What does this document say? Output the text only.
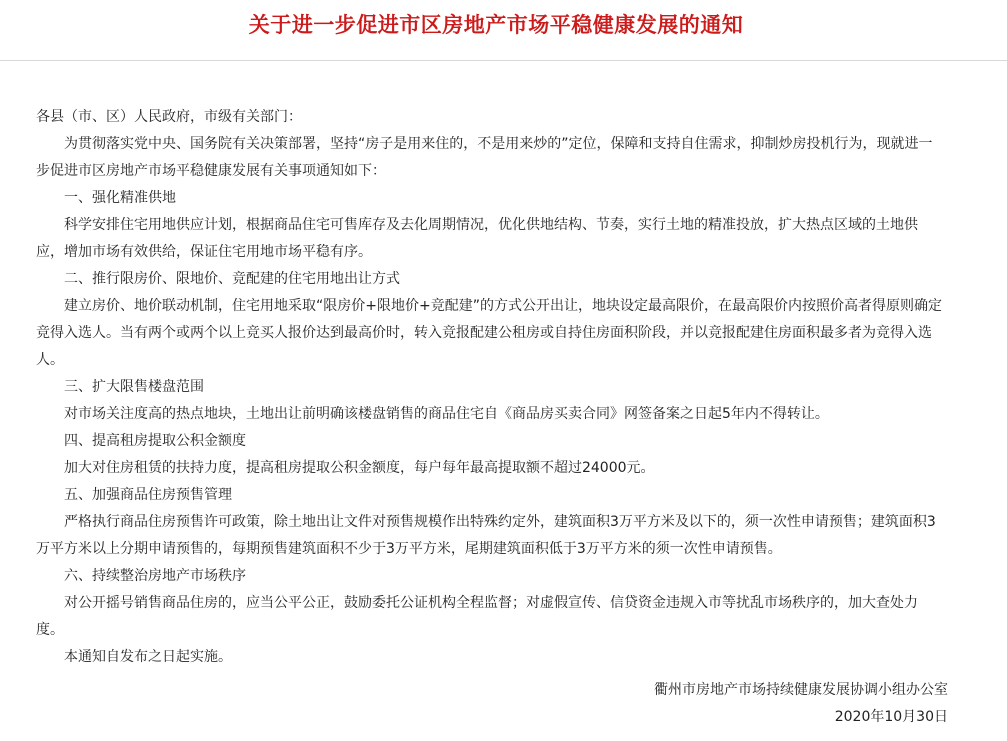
关于进一步促进市区房地产市场平稳健康发展的通知

各县（市、区）人民政府，市级有关部门：

为贯彻落实党中央、国务院有关决策部署，坚持“房子是用来住的，不是用来炒的”定位，保障和支持自住需求，抑制炒房投机行为，现就进一步促进市区房地产市场平稳健康发展有关事项通知如下：

一、强化精准供地

科学安排住宅用地供应计划，根据商品住宅可售库存及去化周期情况，优化供地结构、节奏，实行土地的精准投放，扩大热点区域的土地供应，增加市场有效供给，保证住宅用地市场平稳有序。

二、推行限房价、限地价、竞配建的住宅用地出让方式

建立房价、地价联动机制，住宅用地采取“限房价+限地价+竞配建”的方式公开出让，地块设定最高限价，在最高限价内按照价高者得原则确定竞得入选人。当有两个或两个以上竞买人报价达到最高价时，转入竞报配建公租房或自持住房面积阶段，并以竞报配建住房面积最多者为竞得入选人。

三、扩大限售楼盘范围

对市场关注度高的热点地块，土地出让前明确该楼盘销售的商品住宅自《商品房买卖合同》网签备案之日起5年内不得转让。

四、提高租房提取公积金额度

加大对住房租赁的扶持力度，提高租房提取公积金额度，每户每年最高提取额不超过24000元。

五、加强商品住房预售管理

严格执行商品住房预售许可政策，除土地出让文件对预售规模作出特殊约定外，建筑面积3万平方米及以下的，须一次性申请预售；建筑面积3万平方米以上分期申请预售的，每期预售建筑面积不少于3万平方米，尾期建筑面积低于3万平方米的须一次性申请预售。

六、持续整治房地产市场秩序

对公开摇号销售商品住房的，应当公平公正，鼓励委托公证机构全程监督；对虚假宣传、信贷资金违规入市等扰乱市场秩序的，加大查处力度。

本通知自发布之日起实施。

衢州市房地产市场持续健康发展协调小组办公室

2020年10月30日
